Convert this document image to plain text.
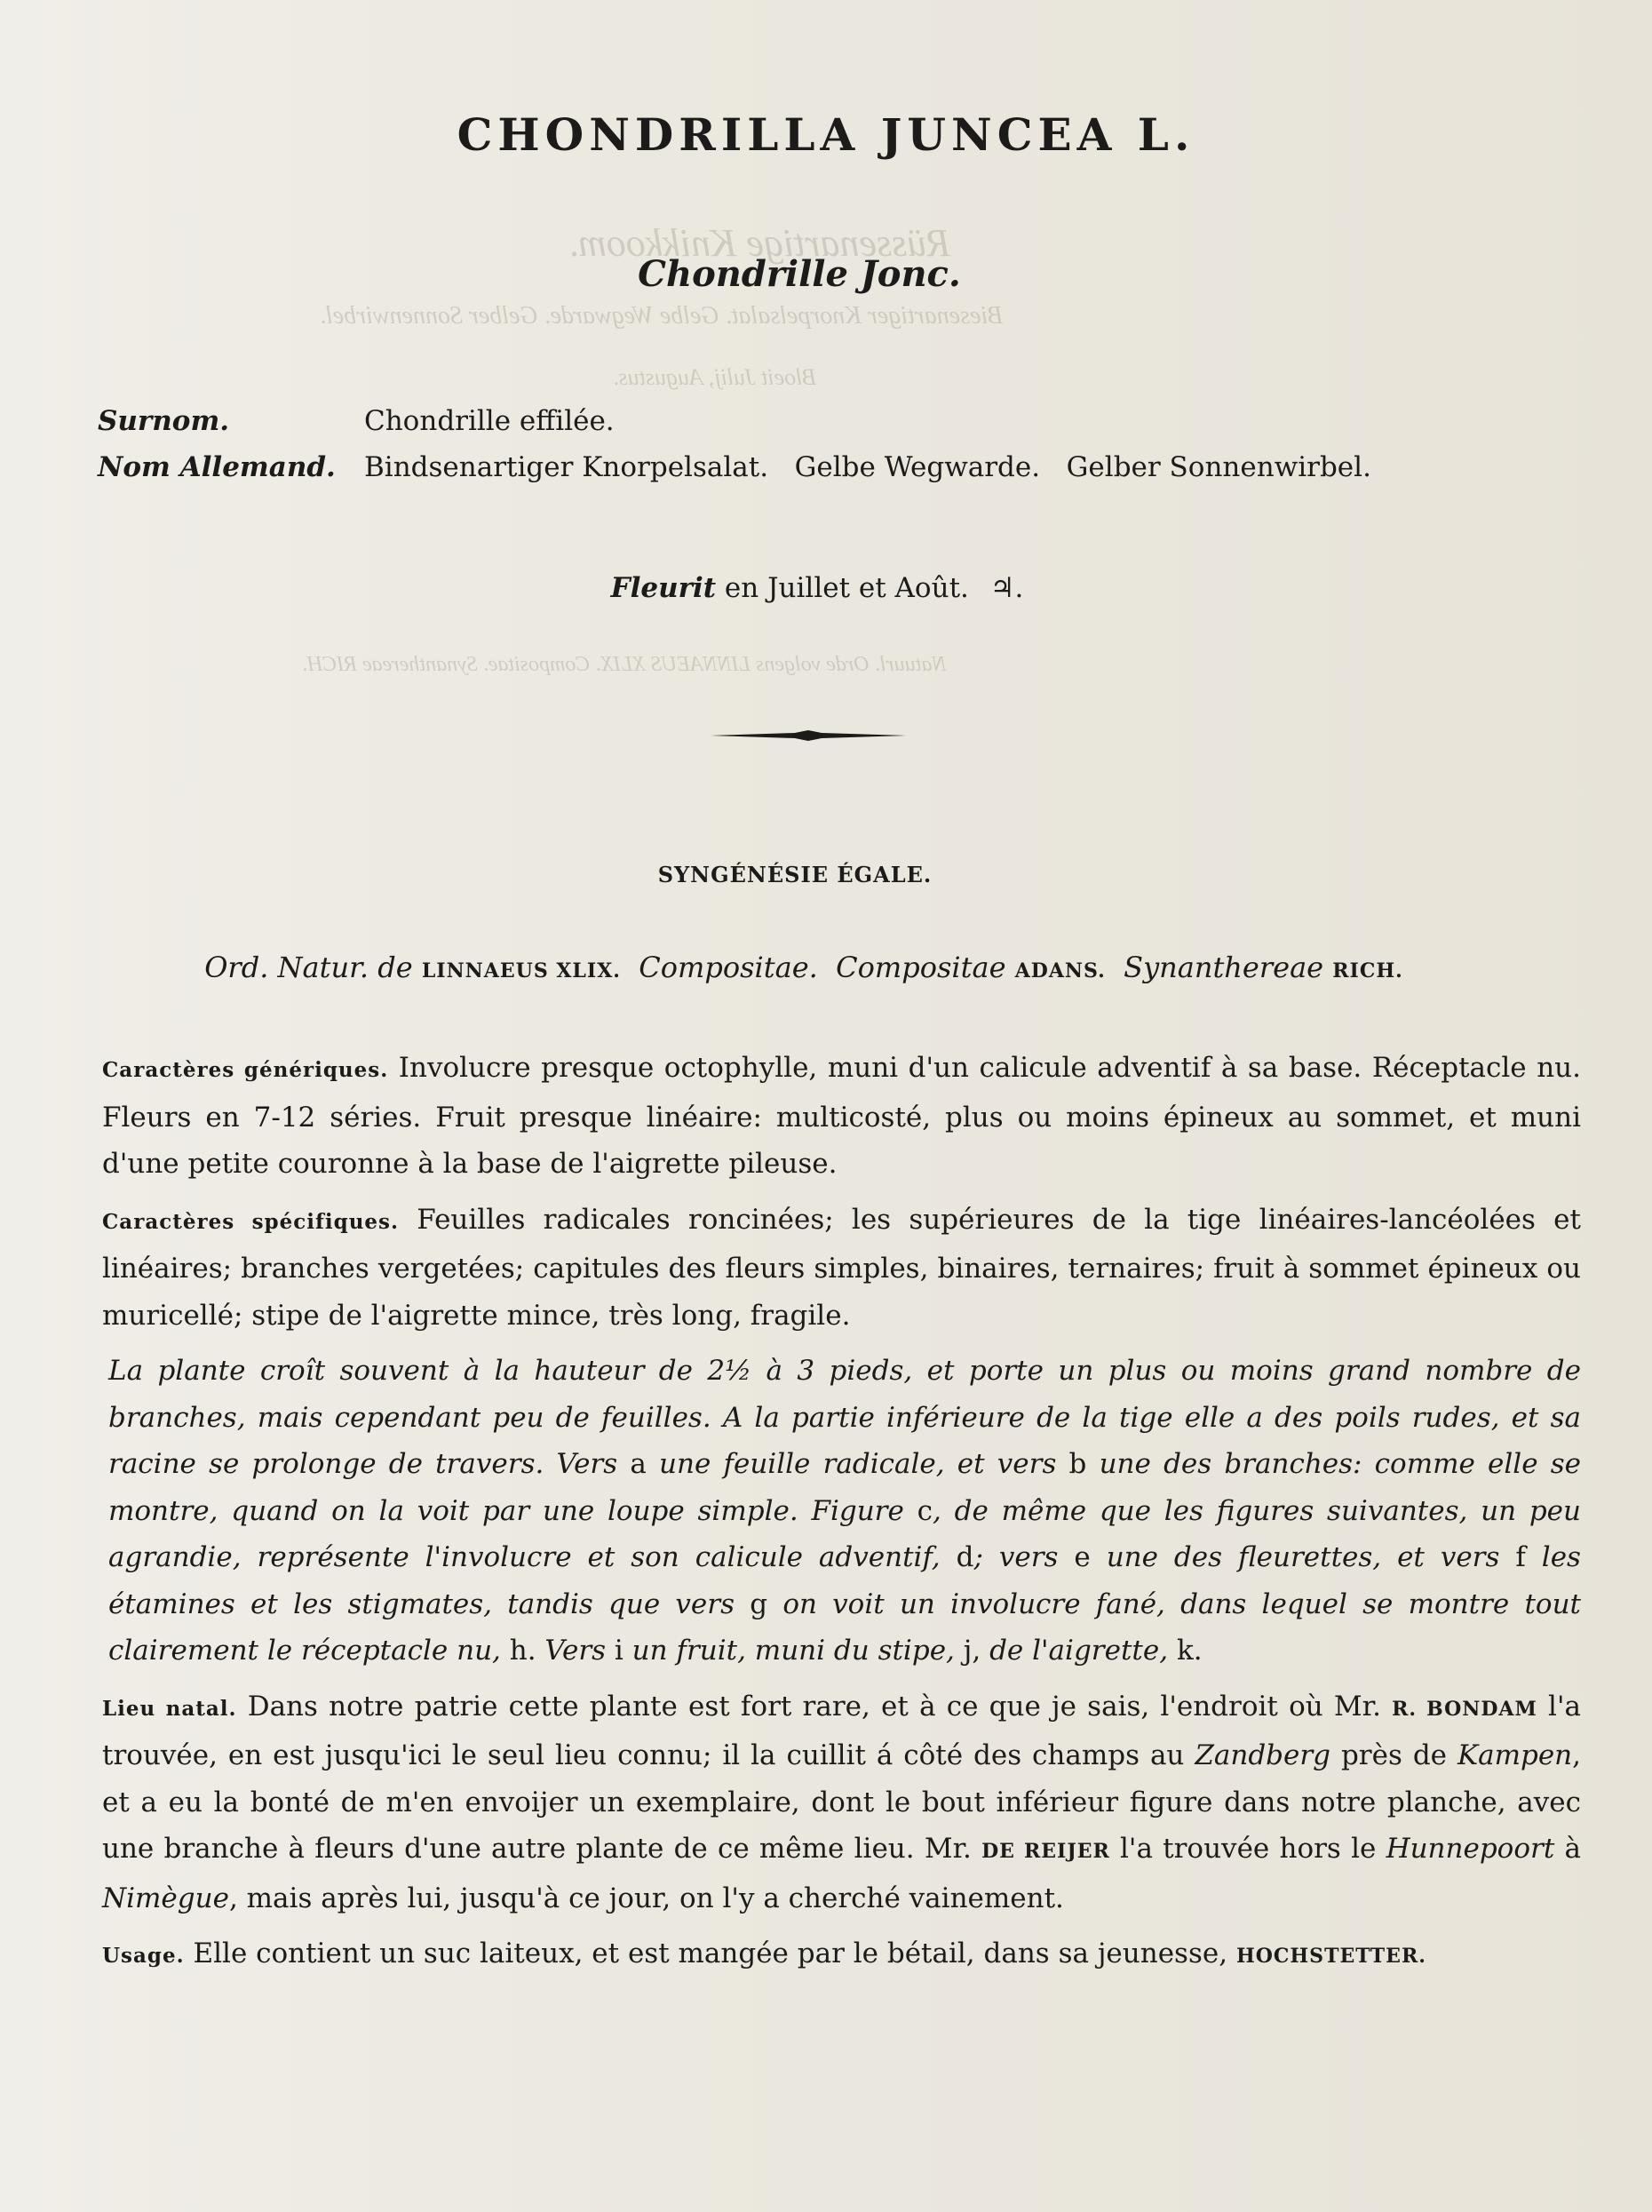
Rüssenartige Knikkoom.
Biesenartiger Knorpelsalat. Gelbe Wegwarde. Gelber Sonnenwirbel.
Bloeit Julij, Augustus.
Natuurl. Orde volgens LINNAEUS XLIX. Compositae. Synanthereae RICH.
CHONDRILLA JUNCEA L.
Chondrille Jonc.
Surnom.	Chondrille effilée.
Nom Allemand. Bindsenartiger Knorpelsalat.   Gelbe Wegwarde.   Gelber Sonnenwirbel.
Fleurit en Juillet et Août. ♃.
SYNGÉNÉSIE ÉGALE.
Ord. Natur. de LINNAEUS XLIX.  Compositae.  Compositae ADANS.  Synanthereae RICH.

Caractères génériques. Involucre presque octophylle, muni d'un calicule adventif à sa base. Réceptacle nu. Fleurs en 7-12 séries. Fruit presque linéaire: multicosté, plus ou moins épineux au sommet, et muni d'une petite couronne à la base de l'aigrette pileuse.

Caractères spécifiques. Feuilles radicales roncinées; les supérieures de la tige linéaires-lancéolées et linéaires; branches vergetées; capitules des fleurs simples, binaires, ternaires; fruit à sommet épineux ou muricellé; stipe de l'aigrette mince, très long, fragile.

La plante croît souvent à la hauteur de 2½ à 3 pieds, et porte un plus ou moins grand nombre de branches, mais cependant peu de feuilles. A la partie inférieure de la tige elle a des poils rudes, et sa racine se prolonge de travers. Vers a une feuille radicale, et vers b une des branches: comme elle se montre, quand on la voit par une loupe simple. Figure c, de même que les figures suivantes, un peu agrandie, représente l'involucre et son calicule adventif, d; vers e une des fleurettes, et vers f les étamines et les stigmates, tandis que vers g on voit un involucre fané, dans lequel se montre tout clairement le réceptacle nu, h. Vers i un fruit, muni du stipe, j, de l'aigrette, k.

Lieu natal. Dans notre patrie cette plante est fort rare, et à ce que je sais, l'endroit où Mr. R. BONDAM l'a trouvée, en est jusqu'ici le seul lieu connu; il la cuillit á côté des champs au Zandberg près de Kampen, et a eu la bonté de m'en envoijer un exemplaire, dont le bout inférieur figure dans notre planche, avec une branche à fleurs d'une autre plante de ce même lieu. Mr. DE REIJER l'a trouvée hors le Hunnepoort à Nimègue, mais après lui, jusqu'à ce jour, on l'y a cherché vainement.

Usage. Elle contient un suc laiteux, et est mangée par le bétail, dans sa jeunesse, HOCHSTETTER.
